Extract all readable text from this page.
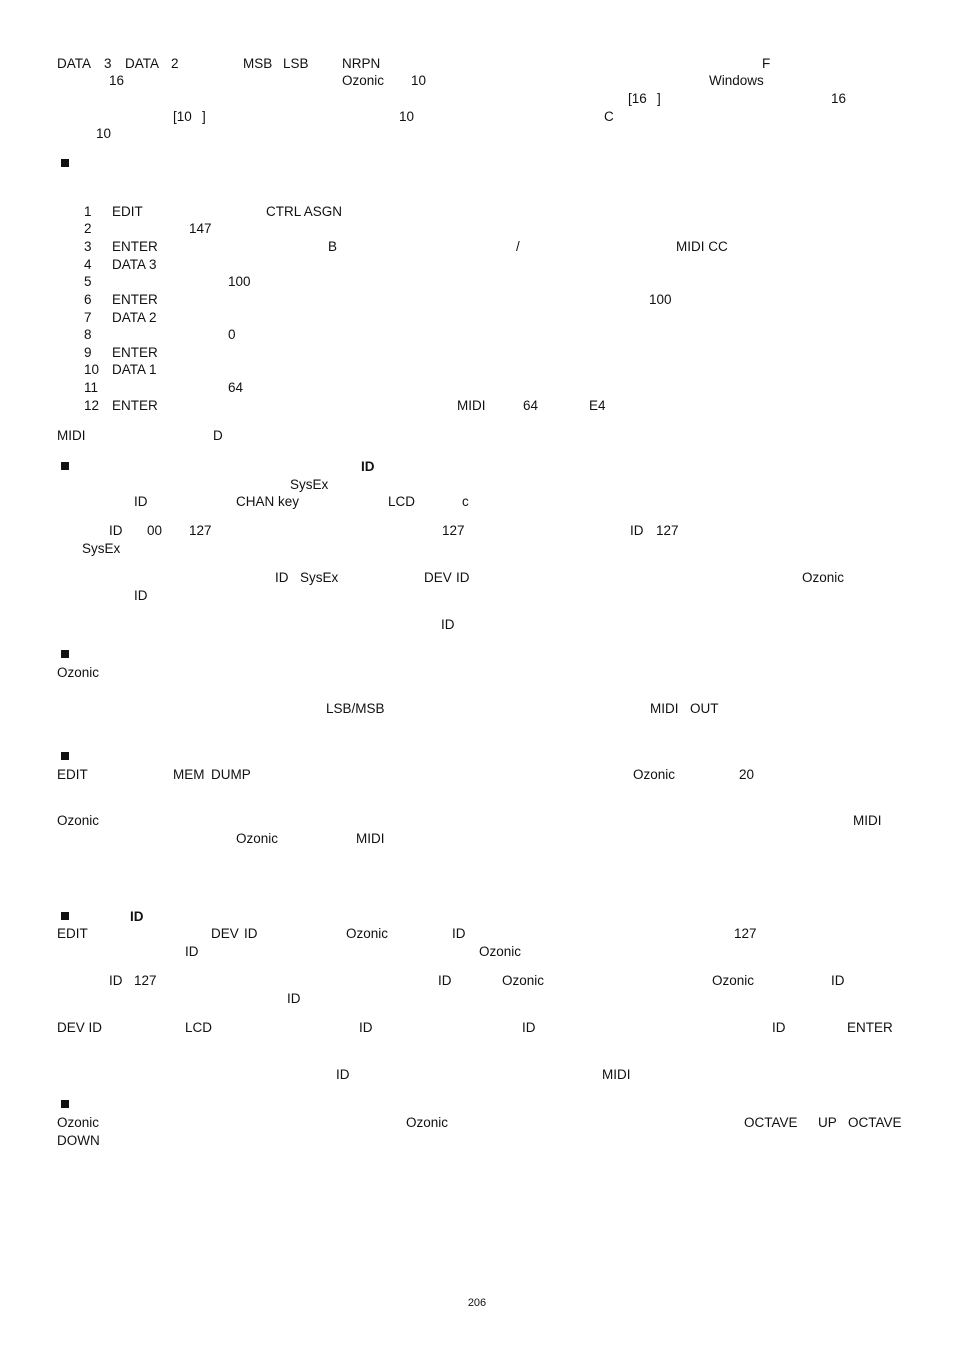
DATA 3 DATA 2	MSB LSB NRPN	F
16	Ozonic 10	Windows
[16 ]	16
[10 ]	10	C
10
1 EDIT	CTRL ASGN
2	147
3 ENTER	B	/	MIDI CC
4 DATA 3
5	100
6 ENTER	100
7 DATA 2
8	0
9 ENTER
10 DATA 1
11	64
12 ENTER	MIDI	64	E4
MIDI	D
ID
SysEx
ID	CHAN key	LCD	c
ID 00 127	127	ID 127
SysEx
ID SysEx	DEV ID	Ozonic
ID
ID
Ozonic
LSB/MSB	MIDI OUT
EDIT	MEM DUMP	Ozonic	20
Ozonic	MIDI
Ozonic	MIDI
ID
EDIT	DEV ID	Ozonic	ID	127
ID	Ozonic
ID 127	ID	Ozonic	Ozonic	ID
ID
DEV ID	LCD	ID	ID	ID	ENTER
ID	MIDI
Ozonic	Ozonic	OCTAVE UP OCTAVE
DOWN
206
